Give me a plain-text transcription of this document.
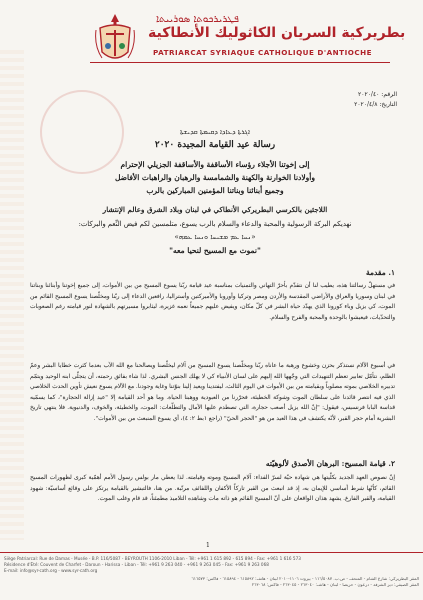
ܦܛܪܝܪܟܘܬܐ ܣܘܪܝܝܬܐ
بطريركية السريان الكاثوليك الأنطاكية
PATRIARCAT SYRIAQUE CATHOLIQUE D'ANTIOCHE
الرقم: ٢٠٢٠/٤٠
التاريخ: ٢٠٢٠/٤/٨
ܐܓܪܬܐ ܕܥܐܕܐ ܕܩܝܡܬܐ ܩܕܝܫܬܐ
رسالة عيد القيامة المجيدة ٢٠٢٠
إلى إخوتنا الأجلاء رؤساء الأساقفة والأساقفة الجزيلي الإحترام
وأولادنا الخوارنة والكهنة والشمامسة والرهبان والراهبات الأفاضل
وجميع أبنائنا وبناتنا المؤمنين المباركين بالرب
اللاجئين بالكرسي البطريركي الأنطاكي في لبنان وبلاد الشرق وعالم الإنتشار
نهديكم البركة الرسولية والمحبة والدعاء والسلام بالرب يسوع، متلمسين لكم فيض النِّعم والبركات:
«ܢܚܐ ܥܡ ܡܫܝܚܐ ܘܢܚܐ ܥܡܗ»
"نموت مع المسيح لنحيا معه"
١. مقدمة
في مستهلّ رسالتنا هذه، يطيب لنا أن نتقدّم بأحرّ التهاني والتمنيات بمناسبة عيد قيامة ربّنا يسوع المسيح من بين الأموات، إلى جميع إخوتنا وأبنائنا وبناتنا في لبنان وسوريا والعراق والأراضي المقدسة والأردن ومصر وتركيا وأوروبا والأميركتين وأستراليا، رافعين الدعاء إلى ربّنا ومخلّصنا يسوع المسيح القائم من الموت، كي يزيل وباء كورونا الذي يهدّد حياة البشر في كلّ مكان، ويفيض عليهم جميعاً نعمه غزيرة، ليثابروا مسيرتهم بالشهادة لنور قيامته رغم الصعوبات والتحدّيات، فيعيشوا بالوحدة والمحبة والفرح والسلام.
في أسبوع الآلام نستذكر بحزن وخشوع ورهبة ما عاناه ربّنا ومخلّصنا يسوع المسيح من آلام ليخلّصنا ويصالحنا مع الله الآب بعدما كثرت خطايا البشر وعمّ الظلم، نتأمّل تعابير تعظم التنهيدات التي وجّهها الله إليهم على لسان الأنبياء كي لا يهلك الجنس البشري. لذا شاء بفائق رحمته، أن يتجلّى ابنه الوحيد ويتمّم تدبيره الخلاصي بموته مصلوباً وبقيامته من بين الأموات في اليوم الثالث، ليفتدينا ويعيد إلينا بنوّتنا وغاية وجودنا. مع الآلام يسوع نعيش تأوين الحدث الخلاصي الذي فيه انتصر قائدنا على سلطان الموت وشوكة الخطيئة، فحرّرنا من العبودية ووهبنا الحياة. وما هو أحد القيامة إلا "عيد إزالة الحجارة"، كما يسمّيه قداسة البابا فرنسيس، فيقول: "إنّ الله يزيل أصعب حجارة، التي تصطدم عليها الآمال والتطلّعات: الموت، والخطيئة، والخوف، والدنيوية. فلا ينتهي تاريخ البشرية أمام حجر القبر، لأنّه يكتشف في هذا العيد من هو "الحجر الحيّ" (راجع ١بط ٢: ٤)، أي يسوع المنبعث من بين الأموات".
٢. قيامة المسيح: البرهان الأصدق لألوهيّته
إنّ نصوص العهد الجديد بكلّيتها هي شهادة حيّة لسرّ الفداء: آلام المسيح وموته وقيامته. لذا يعطي مار بولس رسول الأمم أهمّية كبرى لظهورات المسيح القائم، كأنّها شرط أساسي للإيمان به، إذ قد انبعث من القبر تاركاً الأكفان واللفائف مرتّبة. من هنا، فالتبشير بالقيامة يرتكز على وقائع أساسيّة: شهود القيامة، والقبر الفارغ. يشهد هذان الواقعان على أنّ المسيح القائم هو ذاته مات وشاهده التلاميذ مطمئناً، قد قام وغلب الموت.
1
Siège Patriarcal: Rue de Damas - Musée - B.P. 116/5087 - BEYROUTH 1106-2010 Liban - Tél: +961 1 615 892 - 615 894 - Fax: +961 1 616 573
Résidence d'Été: Couvent de Charfet - Daroun - Harissa - Liban - Tél: +961 9 263 040 - +961 9 263 045 - Fax: +961 9 263 068
E-mail: info@syr-cath.org - www.syr-cath.org
المقر البطريركي: شارع الشام - المتحف - ص.ب. ١١٦/٥٠٨٧ - بيروت ١١٠٦-٢٠١٠ لبنان - هاتف: ٦١٥٨٩٢ - ٦١٥٨٩٤ - فاكس: ٦١٦٥٧٣
المقر الصيفي: دير الشرفة - درعون - حريصا - لبنان - هاتف: ٢٦٣٠٤٠ - ٢٦٣٠٤٥ - فاكس: ٢٦٣٠٦٨
